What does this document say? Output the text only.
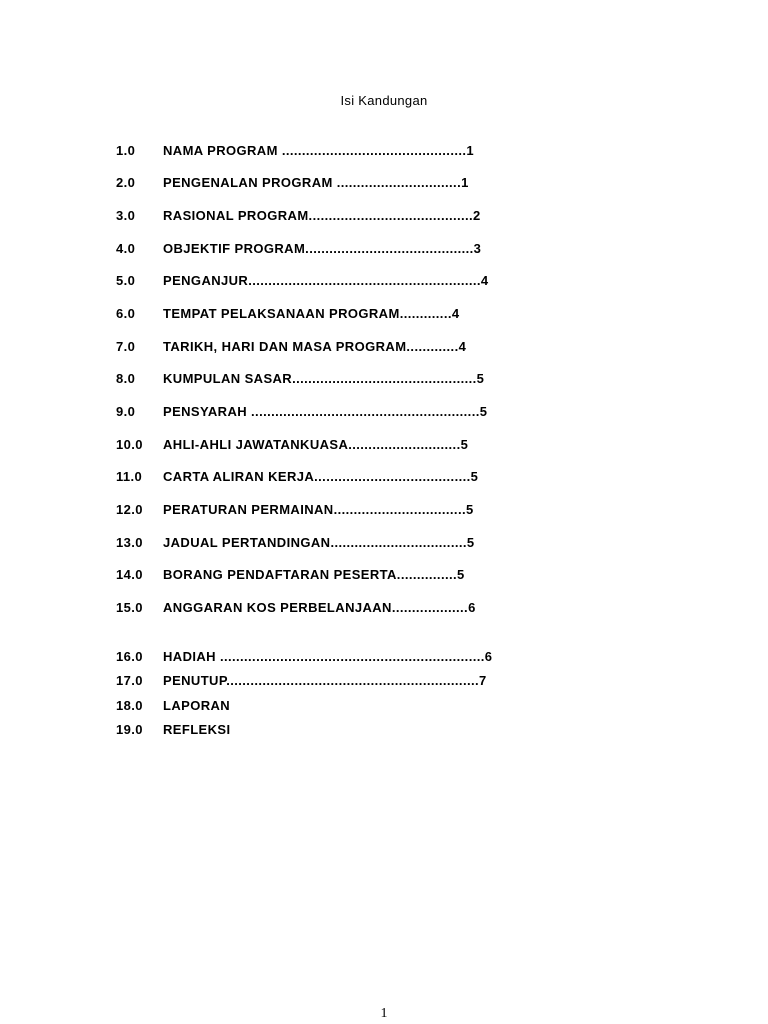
Isi Kandungan
1.0 NAMA PROGRAM ..............................................1
2.0 PENGENALAN PROGRAM ...............................1
3.0 RASIONAL PROGRAM.........................................2
4.0 OBJEKTIF PROGRAM..........................................3
5.0 PENGANJUR..........................................................4
6.0 TEMPAT PELAKSANAAN PROGRAM.............4
7.0 TARIKH, HARI DAN MASA PROGRAM.............4
8.0 KUMPULAN SASAR..............................................5
9.0 PENSYARAH .........................................................5
10.0 AHLI-AHLI JAWATANKUASA............................5
11.0 CARTA ALIRAN KERJA.......................................5
12.0 PERATURAN PERMAINAN.................................5
13.0 JADUAL PERTANDINGAN..................................5
14.0 BORANG PENDAFTARAN PESERTA...............5
15.0 ANGGARAN KOS PERBELANJAAN...................6
16.0 HADIAH ..................................................................6
17.0 PENUTUP...............................................................7
18.0 LAPORAN
19.0 REFLEKSI
1
